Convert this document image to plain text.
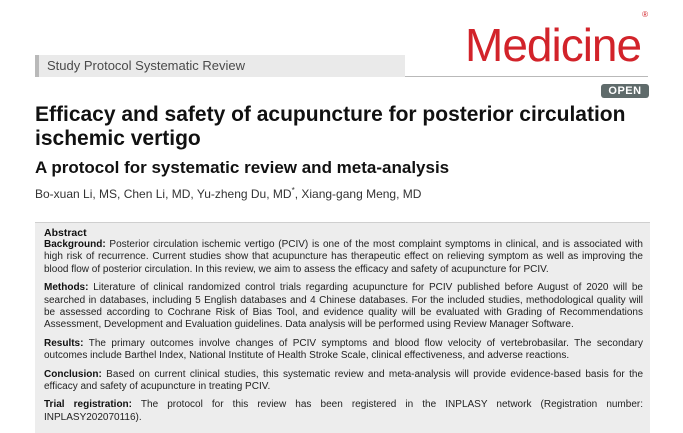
Study Protocol Systematic Review	Medicine®
OPEN
Efficacy and safety of acupuncture for posterior circulation ischemic vertigo
A protocol for systematic review and meta-analysis
Bo-xuan Li, MS, Chen Li, MD, Yu-zheng Du, MD*, Xiang-gang Meng, MD
Abstract

Background: Posterior circulation ischemic vertigo (PCIV) is one of the most complaint symptoms in clinical, and is associated with high risk of recurrence. Current studies show that acupuncture has therapeutic effect on relieving symptom as well as improving the blood flow of posterior circulation. In this review, we aim to assess the efficacy and safety of acupuncture for PCIV.

Methods: Literature of clinical randomized control trials regarding acupuncture for PCIV published before August of 2020 will be searched in databases, including 5 English databases and 4 Chinese databases. For the included studies, methodological quality will be assessed according to Cochrane Risk of Bias Tool, and evidence quality will be evaluated with Grading of Recommendations Assessment, Development and Evaluation guidelines. Data analysis will be performed using Review Manager Software.

Results: The primary outcomes involve changes of PCIV symptoms and blood flow velocity of vertebrobasilar. The secondary outcomes include Barthel Index, National Institute of Health Stroke Scale, clinical effectiveness, and adverse reactions.

Conclusion: Based on current clinical studies, this systematic review and meta-analysis will provide evidence-based basis for the efficacy and safety of acupuncture in treating PCIV.

Trial registration: The protocol for this review has been registered in the INPLASY network (Registration number: INPLASY202070116).
